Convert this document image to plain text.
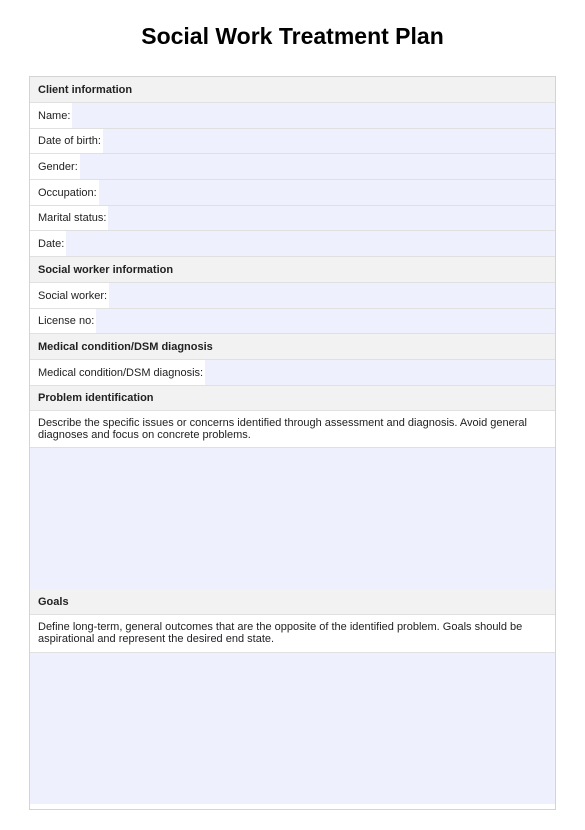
Social Work Treatment Plan
Client information
Name:
Date of birth:
Gender:
Occupation:
Marital status:
Date:
Social worker information
Social worker:
License no:
Medical condition/DSM diagnosis
Medical condition/DSM diagnosis:
Problem identification
Describe the specific issues or concerns identified through assessment and diagnosis. Avoid general diagnoses and focus on concrete problems.
Goals
Define long-term, general outcomes that are the opposite of the identified problem. Goals should be aspirational and represent the desired end state.
